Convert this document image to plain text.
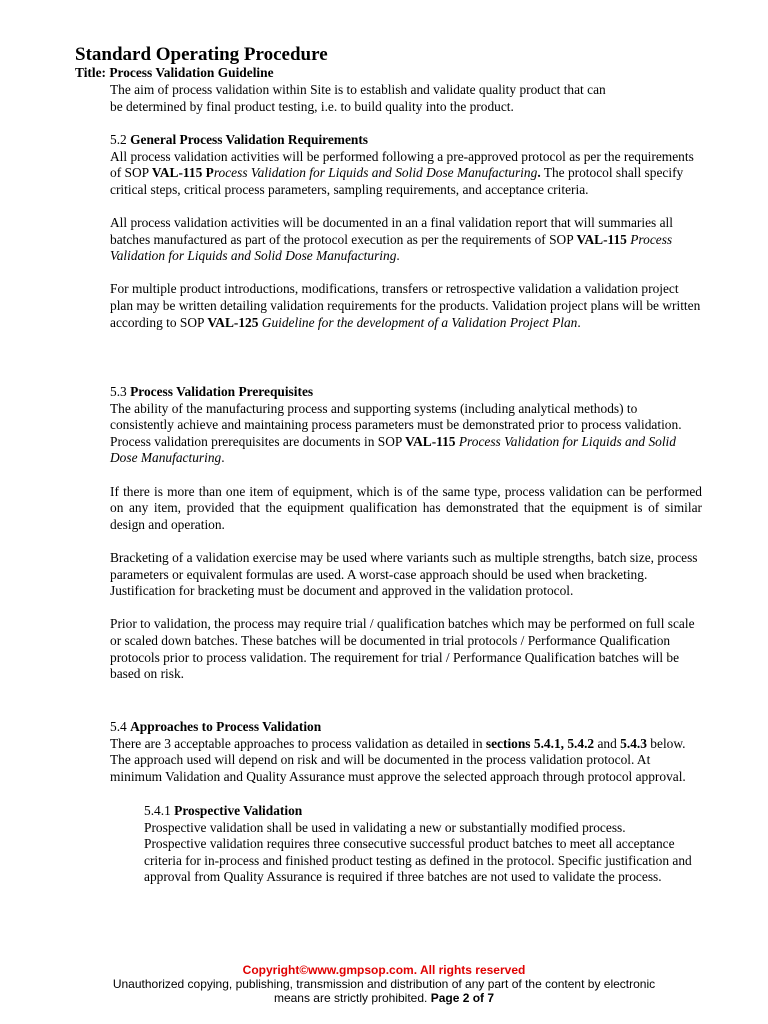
Standard Operating Procedure

Title: Process Validation Guideline

The aim of process validation within Site is to establish and validate quality product that can

be determined by final product testing, i.e. to build quality into the product.

5.2 General Process Validation Requirements

All process validation activities will be performed following a pre-approved protocol as per the requirements of SOP VAL-115 Process Validation for Liquids and Solid Dose Manufacturing. The protocol shall specify critical steps, critical process parameters, sampling requirements, and acceptance criteria.

All process validation activities will be documented in an a final validation report that will summaries all batches manufactured as part of the protocol execution as per the requirements of SOP VAL-115 Process Validation for Liquids and Solid Dose Manufacturing.

For multiple product introductions, modifications, transfers or retrospective validation a validation project plan may be written detailing validation requirements for the products. Validation project plans will be written according to SOP VAL-125 Guideline for the development of a Validation Project Plan.

5.3 Process Validation Prerequisites

The ability of the manufacturing process and supporting systems (including analytical methods) to consistently achieve and maintaining process parameters must be demonstrated prior to process validation. Process validation prerequisites are documents in SOP VAL-115 Process Validation for Liquids and Solid Dose Manufacturing.

If there is more than one item of equipment, which is of the same type, process validation can be performed on any item, provided that the equipment qualification has demonstrated that the equipment is of similar design and operation.

Bracketing of a validation exercise may be used where variants such as multiple strengths, batch size, process parameters or equivalent formulas are used. A worst-case approach should be used when bracketing. Justification for bracketing must be document and approved in the validation protocol.

Prior to validation, the process may require trial / qualification batches which may be performed on full scale or scaled down batches. These batches will be documented in trial protocols / Performance Qualification protocols prior to process validation. The requirement for trial / Performance Qualification batches will be based on risk.

5.4 Approaches to Process Validation

There are 3 acceptable approaches to process validation as detailed in sections 5.4.1, 5.4.2 and 5.4.3 below. The approach used will depend on risk and will be documented in the process validation protocol. At minimum Validation and Quality Assurance must approve the selected approach through protocol approval.

5.4.1 Prospective Validation

Prospective validation shall be used in validating a new or substantially modified process.

Prospective validation requires three consecutive successful product batches to meet all acceptance criteria for in-process and finished product testing as defined in the protocol. Specific justification and approval from Quality Assurance is required if three batches are not used to validate the process.

Copyright©www.gmpsop.com. All rights reserved
Unauthorized copying, publishing, transmission and distribution of any part of the content by electronic
means are strictly prohibited. Page 2 of 7
